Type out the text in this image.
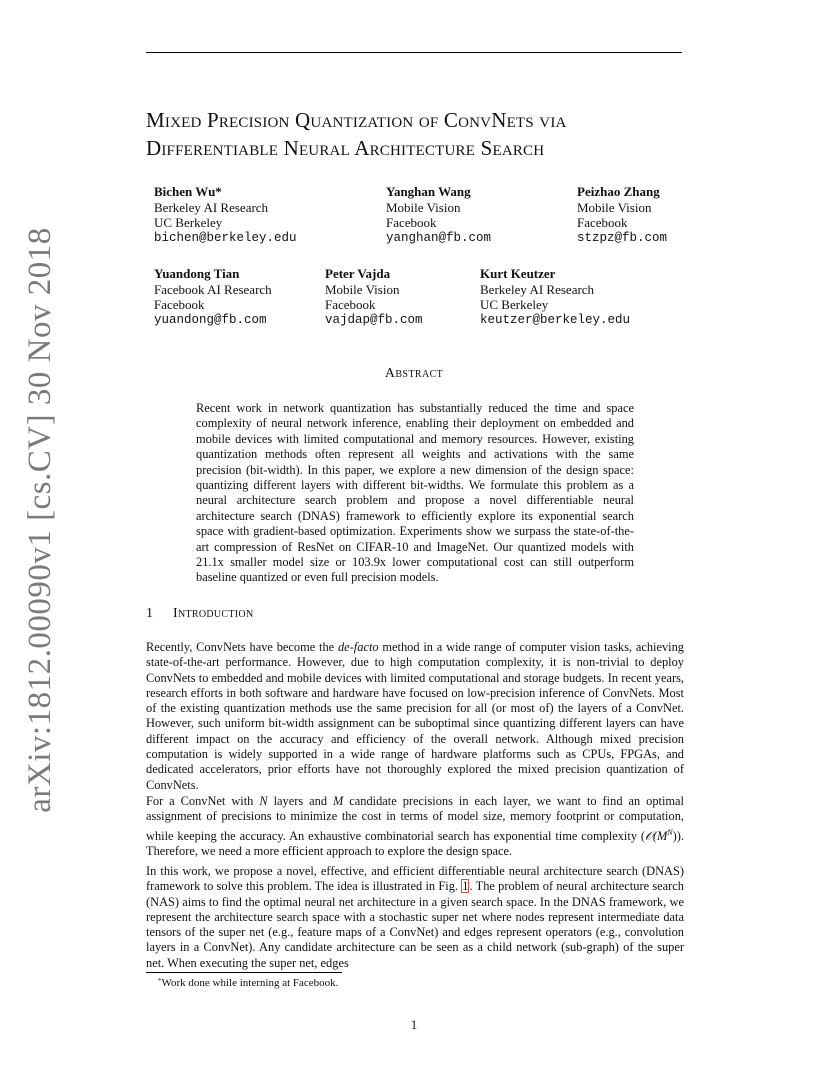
arXiv:1812.00090v1 [cs.CV] 30 Nov 2018
Mixed Precision Quantization of ConvNets via
Differentiable Neural Architecture Search
Bichen Wu*
Berkeley AI Research
UC Berkeley
bichen@berkeley.edu
Yanghan Wang
Mobile Vision
Facebook
yanghan@fb.com
Peizhao Zhang
Mobile Vision
Facebook
stzpz@fb.com
Yuandong Tian
Facebook AI Research
Facebook
yuandong@fb.com
Peter Vajda
Mobile Vision
Facebook
vajdap@fb.com
Kurt Keutzer
Berkeley AI Research
UC Berkeley
keutzer@berkeley.edu
Abstract
Recent work in network quantization has substantially reduced the time and space complexity of neural network inference, enabling their deployment on embedded and mobile devices with limited computational and memory resources. However, existing quantization methods often represent all weights and activations with the same precision (bit-width). In this paper, we explore a new dimension of the design space: quantizing different layers with different bit-widths. We formulate this problem as a neural architecture search problem and propose a novel differentiable neural architecture search (DNAS) framework to efficiently explore its exponential search space with gradient-based optimization. Experiments show we surpass the state-of-the-art compression of ResNet on CIFAR-10 and ImageNet. Our quantized models with 21.1x smaller model size or 103.9x lower computational cost can still outperform baseline quantized or even full precision models.
1 Introduction

Recently, ConvNets have become the de-facto method in a wide range of computer vision tasks, achieving state-of-the-art performance. However, due to high computation complexity, it is non-trivial to deploy ConvNets to embedded and mobile devices with limited computational and storage budgets. In recent years, research efforts in both software and hardware have focused on low-precision inference of ConvNets. Most of the existing quantization methods use the same precision for all (or most of) the layers of a ConvNet. However, such uniform bit-width assignment can be suboptimal since quantizing different layers can have different impact on the accuracy and efficiency of the overall network. Although mixed precision computation is widely supported in a wide range of hardware platforms such as CPUs, FPGAs, and dedicated accelerators, prior efforts have not thoroughly explored the mixed precision quantization of ConvNets.

For a ConvNet with N layers and M candidate precisions in each layer, we want to find an optimal assignment of precisions to minimize the cost in terms of model size, memory footprint or computation, while keeping the accuracy. An exhaustive combinatorial search has exponential time complexity $(𝒪(M^N))$. Therefore, we need a more efficient approach to explore the design space.

In this work, we propose a novel, effective, and efficient differentiable neural architecture search (DNAS) framework to solve this problem. The idea is illustrated in Fig. 1. The problem of neural architecture search (NAS) aims to find the optimal neural net architecture in a given search space. In the DNAS framework, we represent the architecture search space with a stochastic super net where nodes represent intermediate data tensors of the super net (e.g., feature maps of a ConvNet) and edges represent operators (e.g., convolution layers in a ConvNet). Any candidate architecture can be seen as a child network (sub-graph) of the super net. When executing the super net, edges

*Work done while interning at Facebook.
1
